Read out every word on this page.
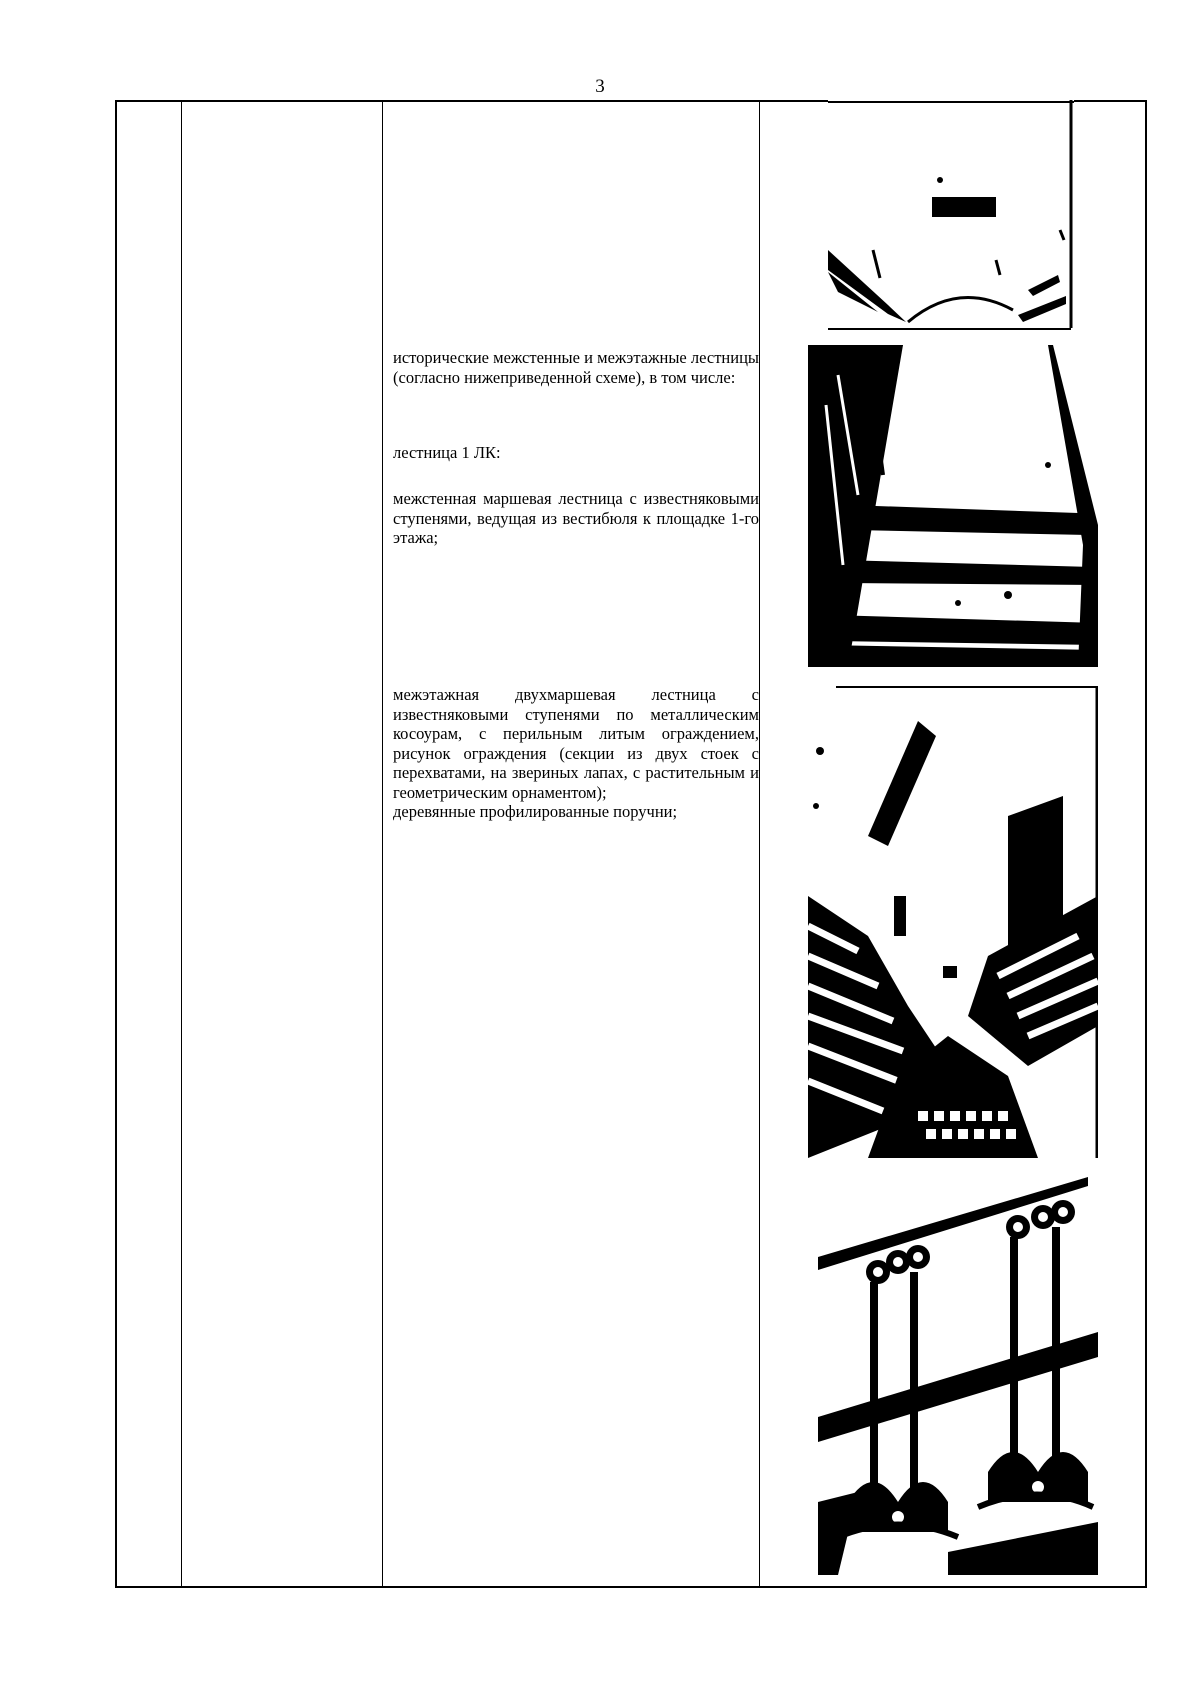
3

исторические межстенные и межэтажные лестницы (согласно нижеприведенной схеме), в том числе:

лестница 1 ЛК:

межстенная маршевая лестница с известняковыми ступенями, ведущая из вестибюля к площадке 1-го этажа;

межэтажная двухмаршевая лестница с известняковыми ступенями по металлическим косоурам, с перильным литым ограждением, рисунок ограждения (секции из двух стоек с перехватами, на звериных лапах, с растительным и геометрическим орнаментом);

деревянные профилированные поручни;
